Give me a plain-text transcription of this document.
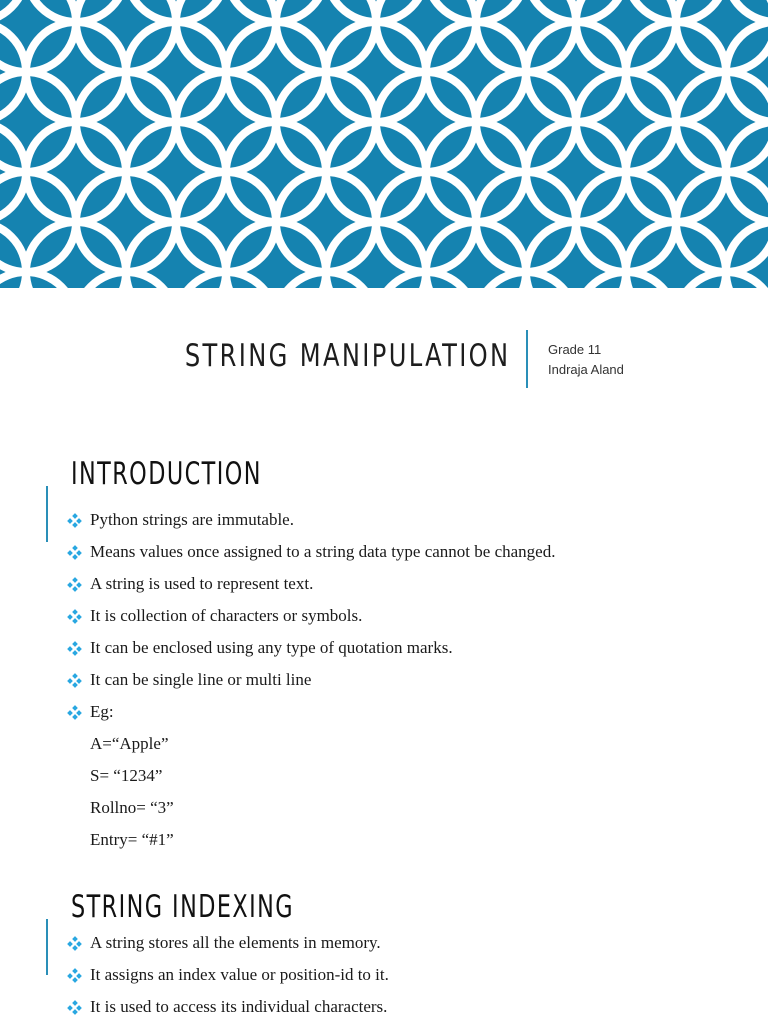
STRING MANIPULATION	Grade 11
Indraja Aland
INTRODUCTION
Python strings are immutable.
Means values once assigned to a string data type cannot be changed.
A string is used to represent text.
It is collection of characters or symbols.
It can be enclosed using any type of quotation marks.
It can be single line or multi line
Eg:
A=“Apple”
S= “1234”
Rollno= “3”
Entry= “#1”
STRING INDEXING
A string stores all the elements in memory.
It assigns an index value or position-id to it.
It is used to access its individual characters.
